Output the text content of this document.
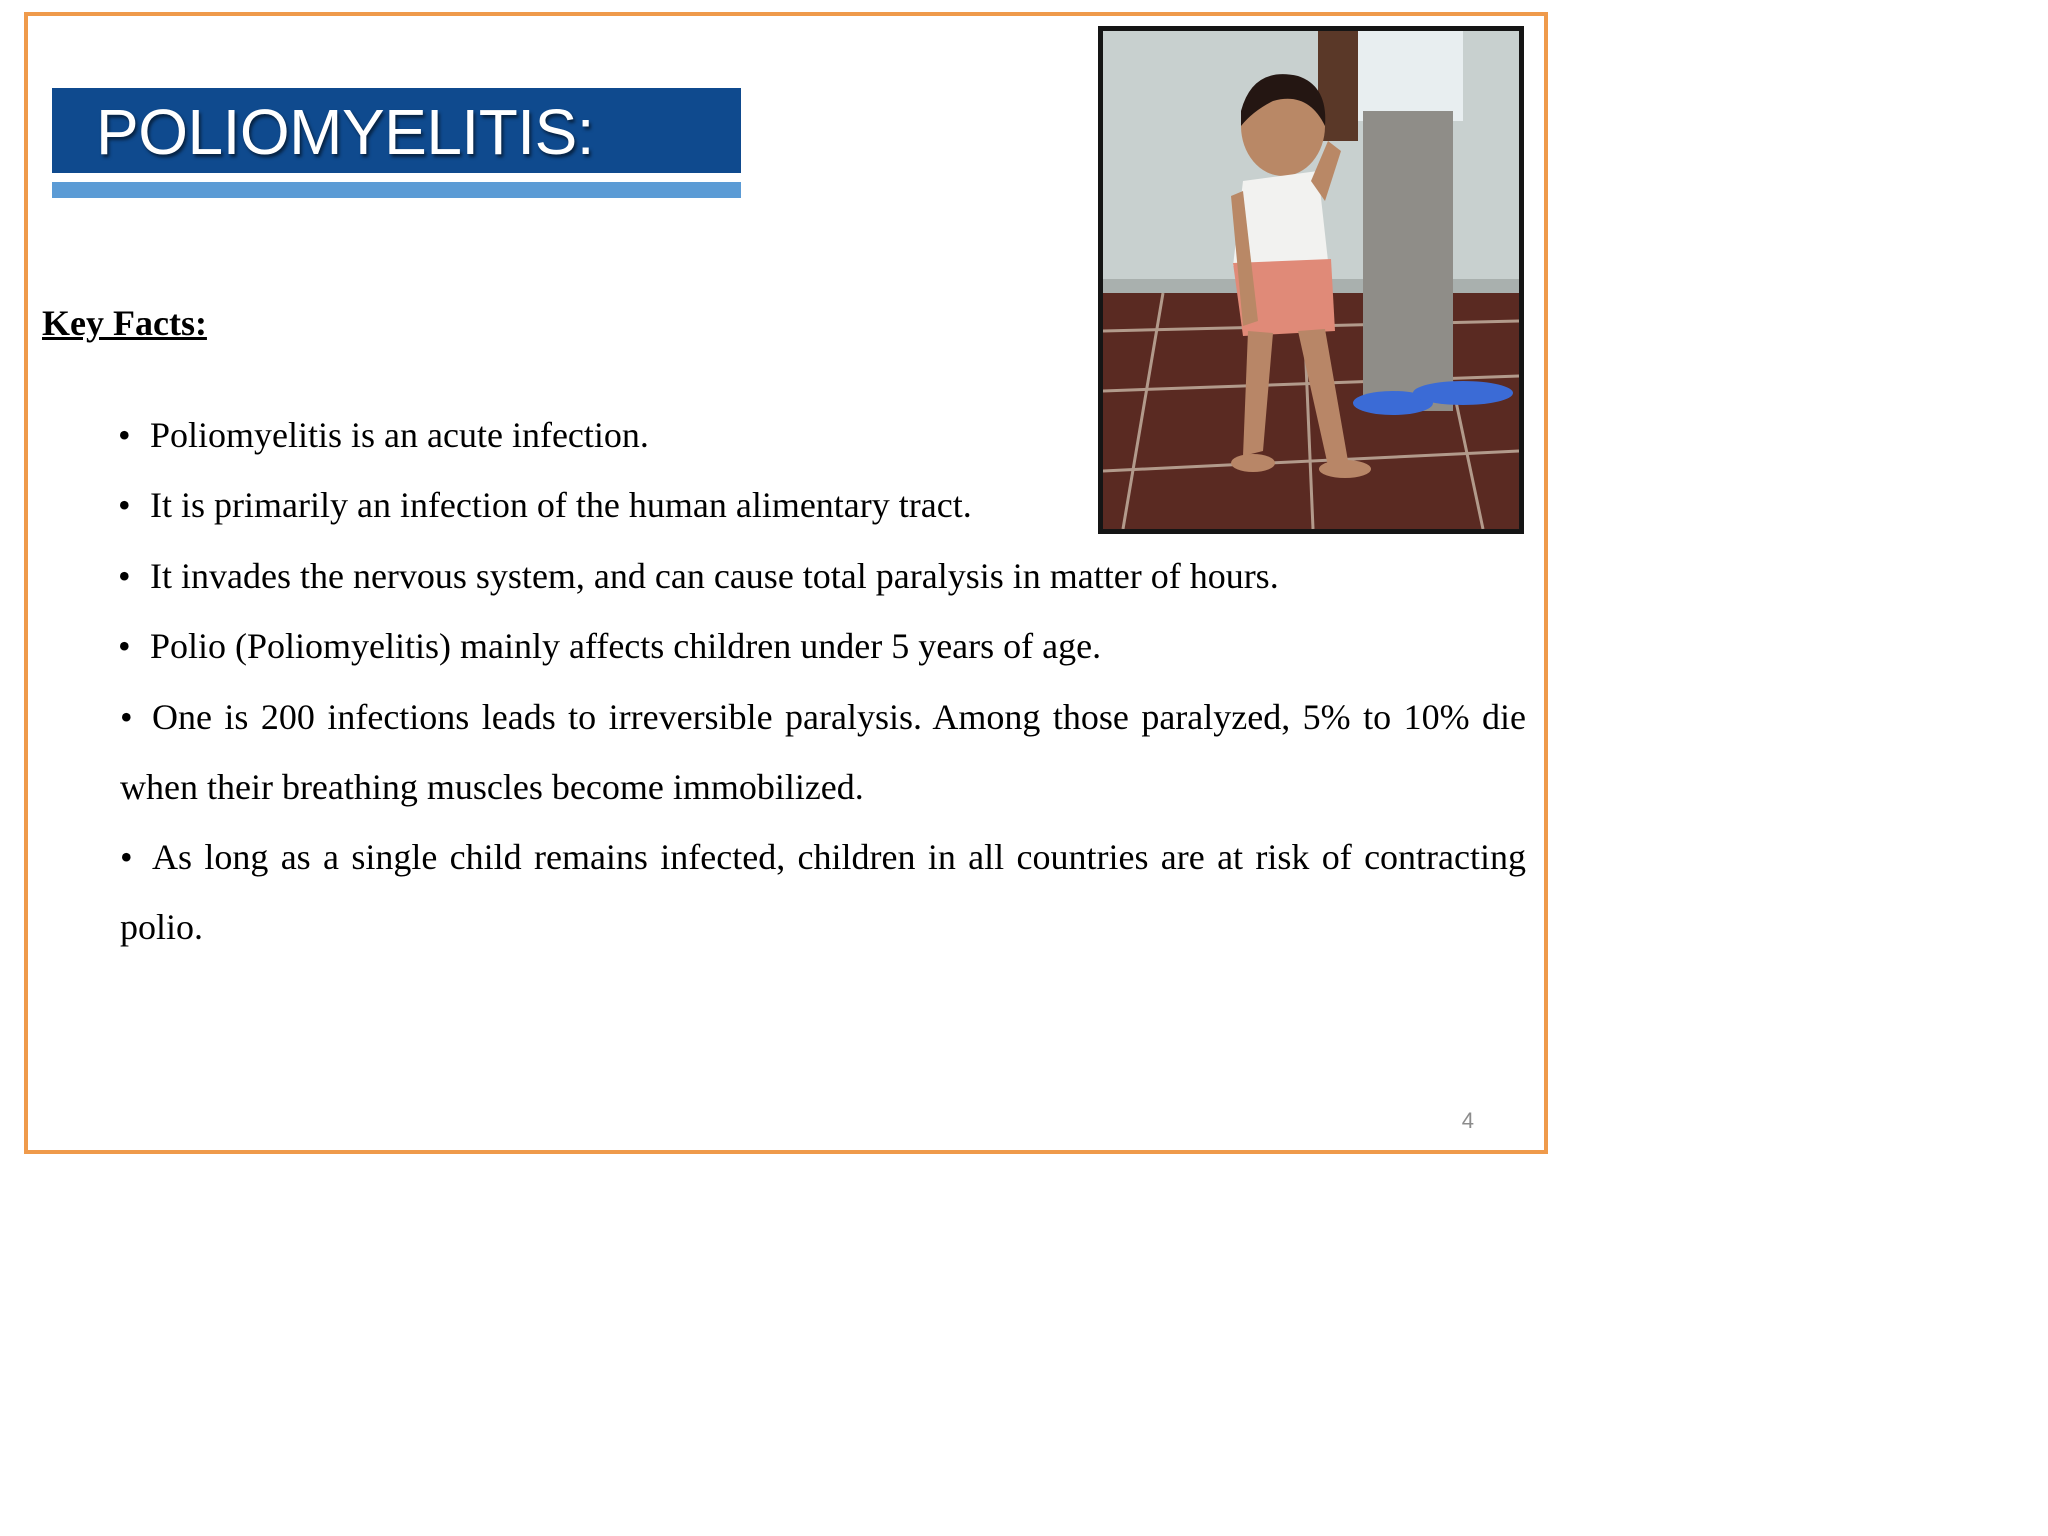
POLIOMYELITIS:
Key Facts:
• Poliomyelitis is an acute infection.
• It is primarily an infection of the human alimentary tract.
• It invades the nervous system, and can cause total paralysis in matter of hours.
• Polio (Poliomyelitis) mainly affects children under 5 years of age.
• One is 200 infections leads to irreversible paralysis. Among those paralyzed, 5% to 10% die when their breathing muscles become immobilized.
• As long as a single child remains infected, children in all countries are at risk of contracting polio.
4
